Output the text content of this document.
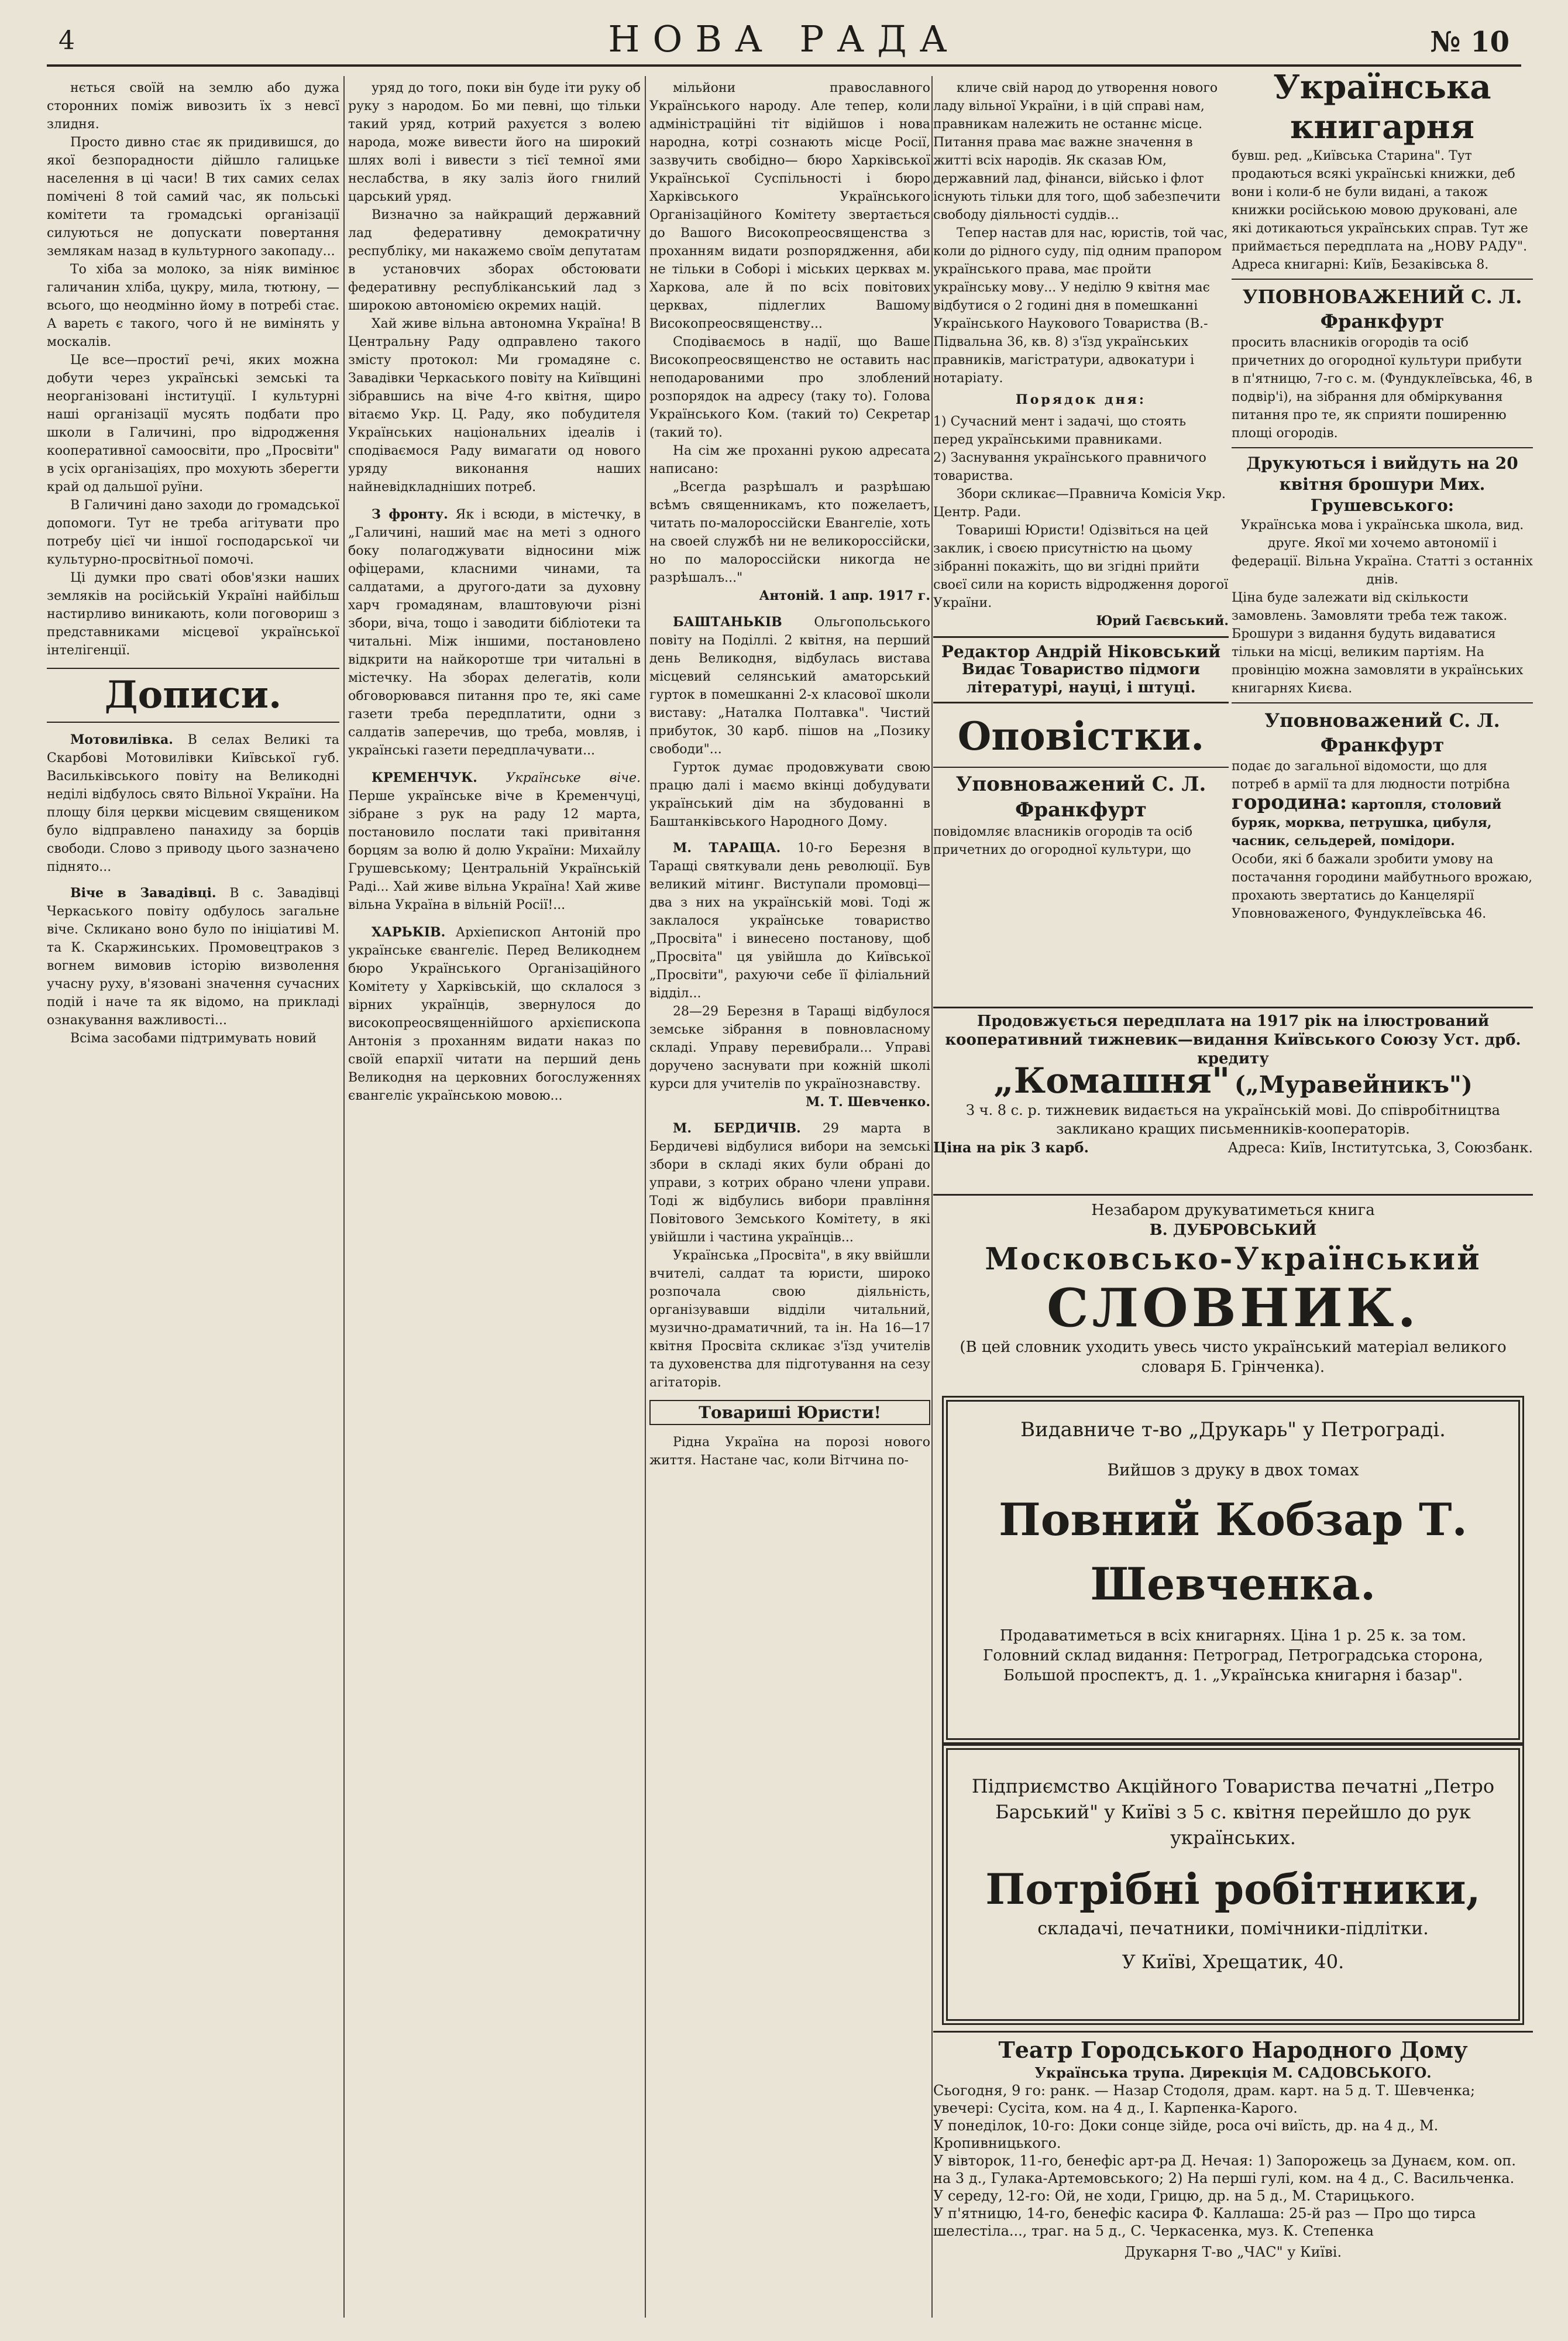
4	НОВА РАДА	№ 10

нється своїй на землю або дужа сторонних поміж вивозить їх з невсї злидня.

Просто дивно стає як придивишся, до якої безпорадности дійшло галицьке населення в ці часи! В тих самих селах помічені 8 той самий час, як польські комітети та громадські організації силуються не допускати повертання землякам назад в культурного закопаду...

То хіба за молоко, за ніяк вимінює галичанин хліба, цукру, мила, тютюну, — всього, що неодмінно йому в потребі стає. А вареть є такого, чого й не вимінять у москалів.

Це все—простиї речі, яких можна добути через українські земські та неорганізовані інституції. І культурні наші організації мусять подбати про школи в Галичині, про відродження кооперативної самоосвіти, про „Просвіти" в усіх організаціях, про мохують зберегти край од дальшої руїни.

В Галичині дано заходи до громадської допомоги. Тут не треба агітувати про потребу цієї чи іншої господарської чи культурно-просвітньої помочі.

Ці думки про сваті обов'язки наших земляків на російській Україні найбільш настирливо виникають, коли поговориш з представниками місцевої української інтелігенції.

Дописи.

Мотовилівка. В селах Великі та Скарбові Мотовилівки Київської губ. Васильківського повіту на Великодні неділі відбулось свято Вільної України. На площу біля церкви місцевим священиком було відправлено панахиду за борців свободи. Слово з приводу цього зазначено піднято...

Віче в Завадівці. В с. Завадівці Черкаського повіту одбулось загальне віче. Скликано воно було по ініціативі М. та К. Скаржинських. Промовецтраков з вогнем вимовив історію визволення учасну руху, в'язовані значення сучасних подій і наче та як відомо, на прикладі ознакування важливості...

Всіма засобами підтримувать новий

уряд до того, поки він буде іти руку об руку з народом. Бо ми певні, що тільки такий уряд, котрий рахуєтся з волею народа, може вивести його на широкий шлях волі і вивести з тієї темної ями неслабства, в яку заліз його гнилий царський уряд.

Визначно за найкращий державний лад федеративну демократичну республіку, ми накажемо своїм депутатам в установчих зборах обстоювати федеративну республіканський лад з широкою автономією окремих націй.

Хай живе вільна автономна Україна! В Центральну Раду одправлено такого змісту протокол: Ми громадяне с. Завадівки Черкаського повіту на Київщині зібравшись на віче 4-го квітня, щиро вітаємо Укр. Ц. Раду, яко побудителя Українських національних ідеалів і сподіваємося Раду вимагати од нового уряду виконання наших найневідкладніших потреб.

З фронту. Як і всюди, в містечку, в „Галичині, наший має на меті з одного боку полагоджувати відносини між офіцерами, класними чинами, та салдатами, а другого-дати за духовну харч громадянам, влаштовуючи різні збори, віча, тощо і заводити бібліотеки та читальні. Між іншими, постановлено відкрити на найкоротше три читальні в містечку. На зборах делегатів, коли обговорювався питання про те, які саме газети треба передплатити, одни з салдатів заперечив, що треба, мовляв, і українські газети передплачувати...

КРЕМЕНЧУК. Українське віче. Перше українське віче в Кременчуці, зібране з рук на раду 12 марта, постановило послати такі привітання борцям за волю й долю України: Михайлу Грушевському; Центральній Українській Раді... Хай живе вільна Україна! Хай живе вільна Україна в вільній Росії!...

ХАРЬКІВ. Архіепископ Антоній про українське євангеліє. Перед Великоднем бюро Українського Організаційного Комітету у Харківській, що склалося з вірних українців, звернулося до високопреосвященнійшого архієпископа Антонія з проханням видати наказ по своїй епархії читати на перший день Великодня на церковних богослуженнях євангеліє українською мовою...

мільйони православного Українського народу. Але тепер, коли адміністраційні тіт відійшов і нова народна, котрі сознають місце Росії, зазвучить свобідно— бюро Харківської Української Суспільності і бюро Харківського Українського Організаційного Комітету звертається до Вашого Високопреосвященства з проханням видати розпорядження, аби не тільки в Соборі і міських церквах м. Харкова, але й по всіх повітових церквах, підлеглих Вашому Високопреосвященству...

Сподіваємось в надії, що Ваше Високопреосвященство не оставить нас неподарованими про злоблений розпорядок на адресу (таку то). Голова Українського Ком. (такий то) Секретар (такий то).

На сім же проханні рукою адресата написано:

„Всегда разрѣшалъ и разрѣшаю всѣмъ священникамъ, кто пожелаетъ, читать по-малороссійски Евангеліе, хоть на своей службѣ ни не великороссійски, но по малороссійски никогда не разрѣшалъ..."

Антоній. 1 апр. 1917 г.

БАШТАНЬКІВ Ольгопольського повіту на Поділлі. 2 квітня, на перший день Великодня, відбулась вистава місцевий селянський аматорський гурток в помешканні 2-х класової школи виставу: „Наталка Полтавка". Чистий прибуток, 30 карб. пішов на „Позику свободи"...

Гурток думає продовжувати свою працю далі і маємо вкінці добудувати український дім на збудованні в Баштанківського Народного Дому.

М. ТАРАЩА. 10-го Березня в Таращі святкували день революції. Був великий мітинг. Виступали промовці—два з них на українській мові. Тоді ж заклалося українське товариство „Просвіта" і винесено постанову, щоб „Просвіта" ця увійшла до Київської „Просвіти", рахуючи себе її філіальний відділ...

28—29 Березня в Таращі відбулося земське зібрання в повновласному складі. Управу перевибрали... Управі доручено заснувати при кожній школі курси для учителів по українознавству.

М. Т. Шевченко.

М. БЕРДИЧІВ. 29 марта в Бердичеві відбулися вибори на земські збори в складі яких були обрані до управи, з котрих обрано члени управи. Тоді ж відбулись вибори правління Повітового Земського Комітету, в які увійшли і частина українців...

Українська „Просвіта", в яку ввійшли вчителі, салдат та юристи, широко розпочала свою діяльність, організувавши відділи читальний, музично-драматичний, та ін. На 16—17 квітня Просвіта скликає з'їзд учителів та духовенства для підготування на сезу агітаторів.

Товариші Юристи!

Рідна Україна на порозі нового життя. Настане час, коли Вітчина по-

кличе свій народ до утворення нового ладу вільної України, і в цій справі нам, правникам належить не останнє місце. Питання права має важне значення в житті всіх народів. Як сказав Юм, державний лад, фінанси, військо і флот існують тільки для того, щоб забезпечити свободу діяльності суддів...

Тепер настав для нас, юристів, той час, коли до рідного суду, під одним прапором українського права, має пройти українську мову... У неділю 9 квітня має відбутися о 2 годині дня в помешканні Українського Наукового Товариства (В.-Підвальна 36, кв. 8) з'їзд українських правників, магістратури, адвокатури і нотаріату.

Порядок дня:
1) Сучасний мент і задачі, що стоять перед українськими правниками.
2) Заснування українського правничого товариства.

Збори скликає—Правнича Комісія Укр. Центр. Ради.

Товариші Юристи! Одізвіться на цей заклик, і своєю присутністю на цьому зібранні покажіть, що ви згідні прийти своєї сили на користь відродження дорогої України.

Юрий Гаєвський.
Редактор Андрій Ніковський
Видає Товариство підмоги літературі, науці, і штуці.
Оповістки.
Уповноважений С. Л. Франкфурт
повідомляє власників огородів та осіб причетних до огородної культури, що
Українська книгарня
бувш. ред. „Київська Старина". Тут продаються всякі українські книжки, деб вони і коли-б не були видані, а також книжки російською мовою друковані, але які дотикаються українських справ. Тут же приймається передплата на „НОВУ РАДУ".
Адреса книгарні: Київ, Безаківська 8.
УПОВНОВАЖЕНИЙ С. Л. Франкфурт
просить власників огородів та осіб причетних до огородної культури прибути в п'ятницю, 7-го с. м. (Фундуклеївська, 46, в подвір'і), на зібрання для обміркування питання про те, як сприяти поширенню площі огородів.
Друкуються і вийдуть на 20 квітня брошури Мих. Грушевського:
Українська мова і українська школа, вид. друге. Якої ми хочемо автономії і федерації. Вільна Україна. Статті з останніх днів.
Ціна буде залежати від скількости замовлень. Замовляти треба теж також. Брошури з видання будуть видаватися тільки на місці, великим партіям. На провінцію можна замовляти в українських книгарнях Києва.
Уповноважений С. Л. Франкфурт
подає до загальної відомости, що для потреб в армії та для людности потрібна
городина: картопля, столовий буряк, морква, петрушка, цибуля, часник, сельдерей, помідори.
Особи, які б бажали зробити умову на постачання городини майбутнього врожаю, прохають звертатись до Канцелярії Уповноваженого, Фундуклеївська 46.
Продовжується передплата на 1917 рік на ілюстрований кооперативний тижневик—видання Київського Союзу Уст. дрб. кредиту
„Комашня" („Муравейникъ")
З ч. 8 с. р. тижневик видається на українській мові. До співробітництва закликано кращих письменників-кооператорів.
Ціна на рік 3 карб.	Адреса: Київ, Інститутська, 3, Союзбанк.
Незабаром друкуватиметься книга
В. ДУБРОВСЬКИЙ
Московсько-Український
СЛОВНИК.
(В цей словник уходить увесь чисто український матеріал великого словаря Б. Грінченка).
Видавниче т-во „Друкарь" у Петрограді.
Вийшов з друку в двох томах
Повний Кобзар Т. Шевченка.
Продаватиметься в всіх книгарнях. Ціна 1 р. 25 к. за том. Головний склад видання: Петроград, Петроградська сторона, Большой проспектъ, д. 1. „Українська книгарня і базар".
Підприємство Акційного Товариства печатні „Петро Барський" у Київі з 5 с. квітня перейшло до рук українських.
Потрібні робітники,
складачі, печатники, помічники-підлітки.
У Київі, Хрещатик, 40.
Театр Городського Народного Дому
Українська трупа. Дирекція М. САДОВСЬКОГО.
Сьогодня, 9 го: ранк. — Назар Стодоля, драм. карт. на 5 д. Т. Шевченка; увечері: Сусіта, ком. на 4 д., І. Карпенка-Карого.
У понеділок, 10-го: Доки сонце зійде, роса очі виїсть, др. на 4 д., М. Кропивницького.
У вівторок, 11-го, бенефіс арт-ра Д. Нечая: 1) Запорожець за Дунаєм, ком. оп. на 3 д., Гулака-Артемовського; 2) На перші гулі, ком. на 4 д., С. Васильченка.
У середу, 12-го: Ой, не ходи, Грицю, др. на 5 д., М. Старицького.
У п'ятницю, 14-го, бенефіс касира Ф. Каллаша: 25-й раз — Про що тирса шелестіла..., траг. на 5 д., С. Черкасенка, муз. К. Степенка
Друкарня Т-во „ЧАС" у Київі.
